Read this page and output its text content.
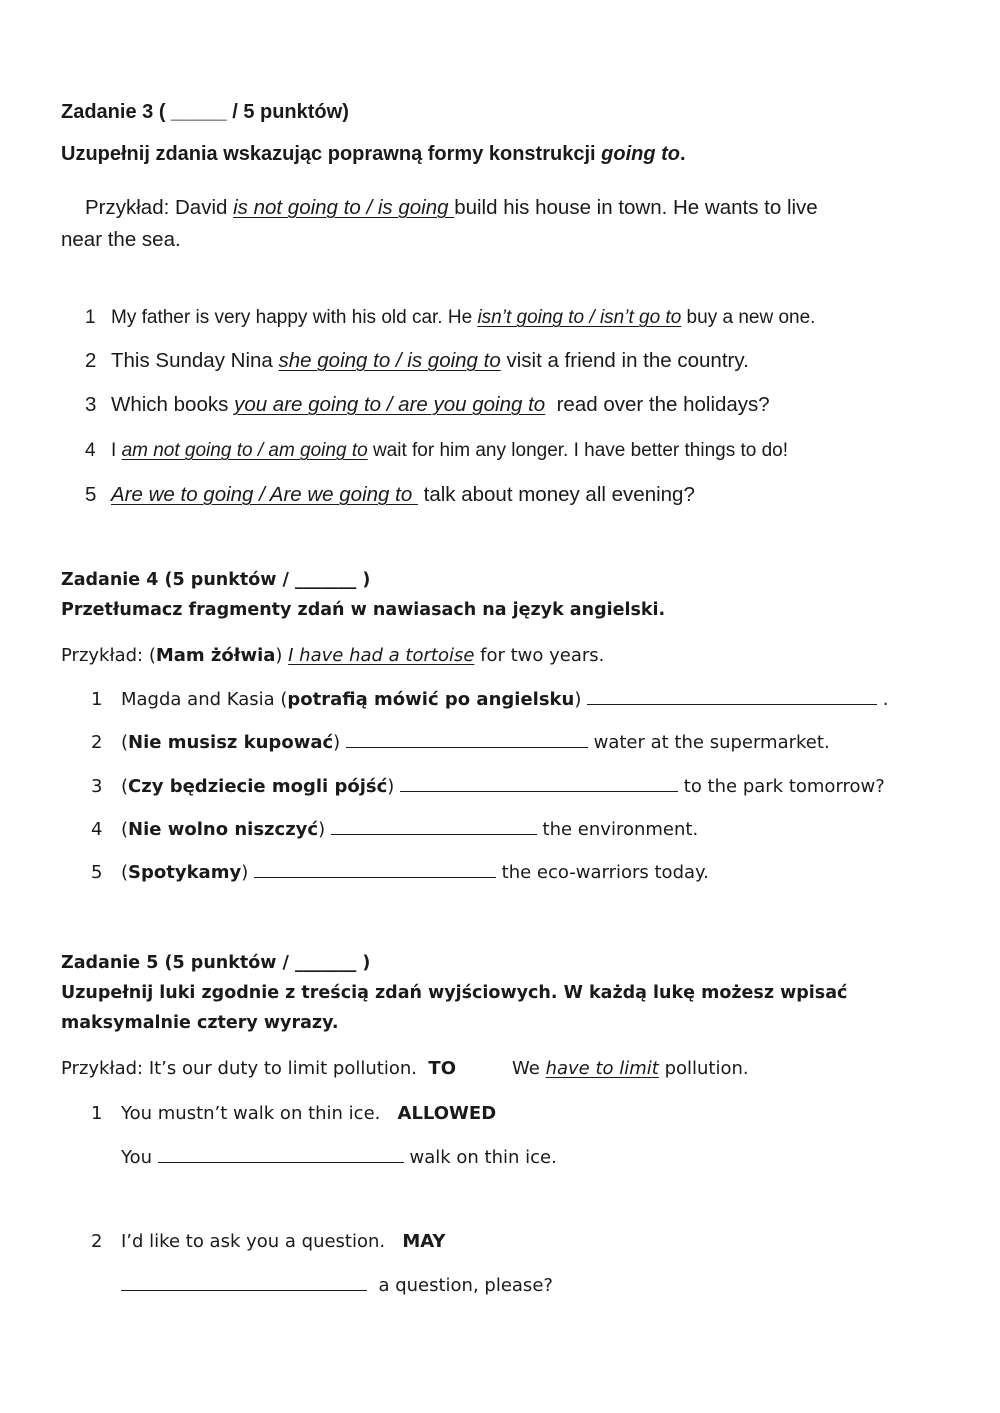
Zadanie 3 ( _____ / 5 punktów)
Uzupełnij zdania wskazując poprawną formy konstrukcji going to.
Przykład: David is not going to / is going build his house in town. He wants to live
near the sea.
1 My father is very happy with his old car. He isn’t going to / isn’t go to buy a new one.
2 This Sunday Nina she going to / is going to visit a friend in the country.
3 Which books you are going to / are you going to  read over the holidays?
4 I am not going to / am going to wait for him any longer. I have better things to do!
5 Are we to going / Are we going to  talk about money all evening?
Zadanie 4 (5 punktów / _______ )
Przetłumacz fragmenty zdań w nawiasach na język angielski.
Przykład: (Mam żółwia) I have had a tortoise for two years.
1 Magda and Kasia (potrafią mówić po angielsku)	.
2 (Nie musisz kupować)	water at the supermarket.
3 (Czy będziecie mogli pójść)	to the park tomorrow?
4 (Nie wolno niszczyć)	the environment.
5 (Spotykamy)	the eco-warriors today.
Zadanie 5 (5 punktów / _______ )
Uzupełnij luki zgodnie z treścią zdań wyjściowych. W każdą lukę możesz wpisać
maksymalnie cztery wyrazy.
Przykład: It’s our duty to limit pollution.  TO	We have to limit pollution.
1 You mustn’t walk on thin ice.   ALLOWED
You	walk on thin ice.
2 I’d like to ask you a question.   MAY
a question, please?
